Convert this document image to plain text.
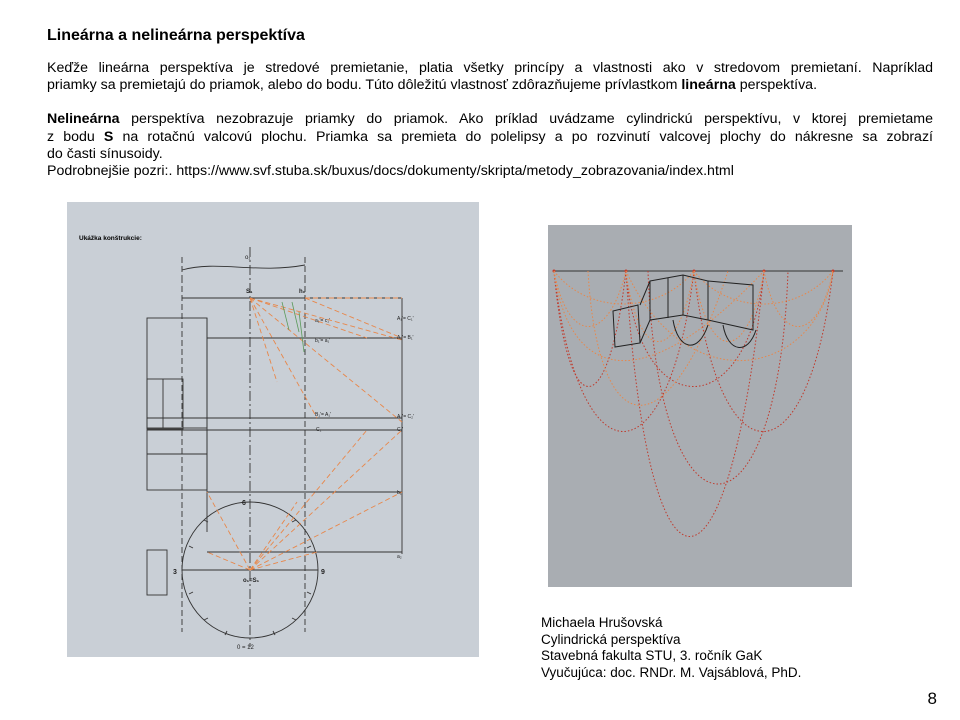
Lineárna a nelineárna perspektíva
Keďže lineárna perspektíva je stredové premietanie, platia všetky princípy a vlastnosti ako v stredovom premietaní. Napríklad
priamky sa premietajú do priamok, alebo do bodu. Túto dôležitú vlastnosť zdôrazňujeme prívlastkom lineárna perspektíva.
Nelineárna perspektíva nezobrazuje priamky do priamok. Ako príklad uvádzame cylindrickú perspektívu, v ktorej premietame
z bodu S na rotačnú valcovú plochu. Priamka sa premieta do polelipsy a po rozvinutí valcovej plochy do nákresne sa zobrazí
do časti sínusoidy.
Podrobnejšie pozri:. https://www.svf.stuba.sk/buxus/docs/dokumenty/skripta/metody_zobrazovania/index.html
Ukážka konštrukcie:
o₁
S₁	h₁
6
3	9
o₁=S₁
0 = 12
A₁'= C₁'
A₂'= B₁'
A₂'= C₂'
C₁	C₁'
a₁'= c₁'
b₁'= a₁'
B₁'= A₁'
b₁
a₂
Michaela Hrušovská
Cylindrická perspektíva
Stavebná fakulta STU, 3. ročník GaK
Vyučujúca: doc. RNDr. M. Vajsáblová, PhD.
8
